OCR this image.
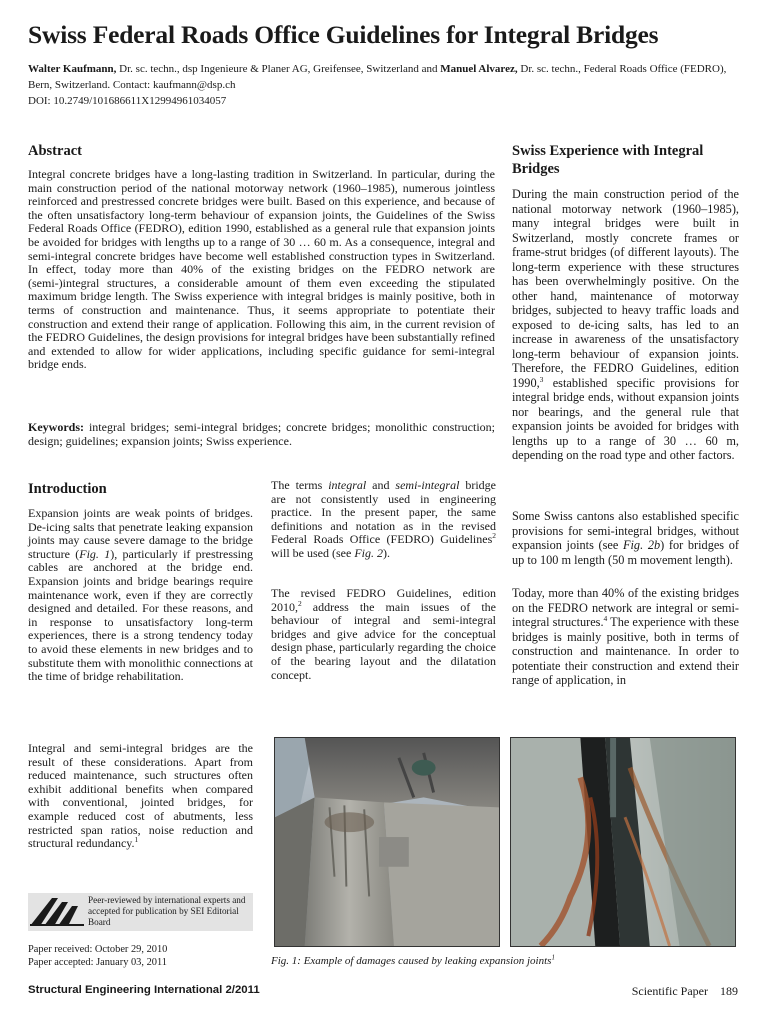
Swiss Federal Roads Office Guidelines for Integral Bridges
Walter Kaufmann, Dr. sc. techn., dsp Ingenieure & Planer AG, Greifensee, Switzerland and Manuel Alvarez, Dr. sc. techn., Federal Roads Office (FEDRO), Bern, Switzerland. Contact: kaufmann@dsp.ch
DOI: 10.2749/101686611X12994961034057
Abstract
Integral concrete bridges have a long-lasting tradition in Switzerland. In particular, during the main construction period of the national motorway network (1960–1985), numerous jointless reinforced and prestressed concrete bridges were built. Based on this experience, and because of the often unsatisfactory long-term behaviour of expansion joints, the Guidelines of the Swiss Federal Roads Office (FEDRO), edition 1990, established as a general rule that expansion joints be avoided for bridges with lengths up to a range of 30 … 60 m. As a consequence, integral and semi-integral concrete bridges have become well established construction types in Switzerland. In effect, today more than 40% of the existing bridges on the FEDRO network are (semi-)integral structures, a considerable amount of them even exceeding the stipulated maximum bridge length. The Swiss experience with integral bridges is mainly positive, both in terms of construction and maintenance. Thus, it seems appropriate to potentiate their construction and extend their range of application. Following this aim, in the current revision of the FEDRO Guidelines, the design provisions for integral bridges have been substantially refined and extended to allow for wider applications, including specific guidance for semi-integral bridge ends.
Keywords: integral bridges; semi-integral bridges; concrete bridges; monolithic construction; design; guidelines; expansion joints; Swiss experience.
Introduction
Expansion joints are weak points of bridges. De-icing salts that penetrate leaking expansion joints may cause severe damage to the bridge structure (Fig. 1), particularly if prestressing cables are anchored at the bridge end. Expansion joints and bridge bearings require maintenance work, even if they are correctly designed and detailed. For these reasons, and in response to unsatisfactory long-term experiences, there is a strong tendency today to avoid these elements in new bridges and to substitute them with monolithic connections at the time of bridge rehabilitation.
Integral and semi-integral bridges are the result of these considerations. Apart from reduced maintenance, such structures often exhibit additional benefits when compared with conventional, jointed bridges, for example reduced cost of abutments, less restricted span ratios, noise reduction and structural redundancy.$^1$
The terms integral and semi-integral bridge are not consistently used in engineering practice. In the present paper, the same definitions and notation as in the revised Federal Roads Office (FEDRO) Guidelines$^2$ will be used (see Fig. 2).
The revised FEDRO Guidelines, edition 2010,$^2$ address the main issues of the behaviour of integral and semi-integral bridges and give advice for the conceptual design phase, particularly regarding the choice of the bearing layout and the dilatation concept.
Swiss Experience with Integral Bridges
During the main construction period of the national motorway network (1960–1985), many integral bridges were built in Switzerland, mostly concrete frames or frame-strut bridges (of different layouts). The long-term experience with these structures has been overwhelmingly positive. On the other hand, maintenance of motorway bridges, subjected to heavy traffic loads and exposed to de-icing salts, has led to an increase in awareness of the unsatisfactory long-term behaviour of expansion joints. Therefore, the FEDRO Guidelines, edition 1990,$^3$ established specific provisions for integral bridge ends, without expansion joints nor bearings, and the general rule that expansion joints be avoided for bridges with lengths up to a range of 30 … 60 m, depending on the road type and other factors.
Some Swiss cantons also established specific provisions for semi-integral bridges, without expansion joints (see Fig. 2b) for bridges of up to 100 m length (50 m movement length).
Today, more than 40% of the existing bridges on the FEDRO network are integral or semi-integral structures.$^4$ The experience with these bridges is mainly positive, both in terms of construction and maintenance. In order to potentiate their construction and extend their range of application, in
Peer-reviewed by international experts and accepted for publication by SEI Editorial Board
Paper received: October 29, 2010
Paper accepted: January 03, 2011	Fig. 1: Example of damages caused by leaking expansion joints$^1$
Structural Engineering International 2/2011	Scientific Paper 189
